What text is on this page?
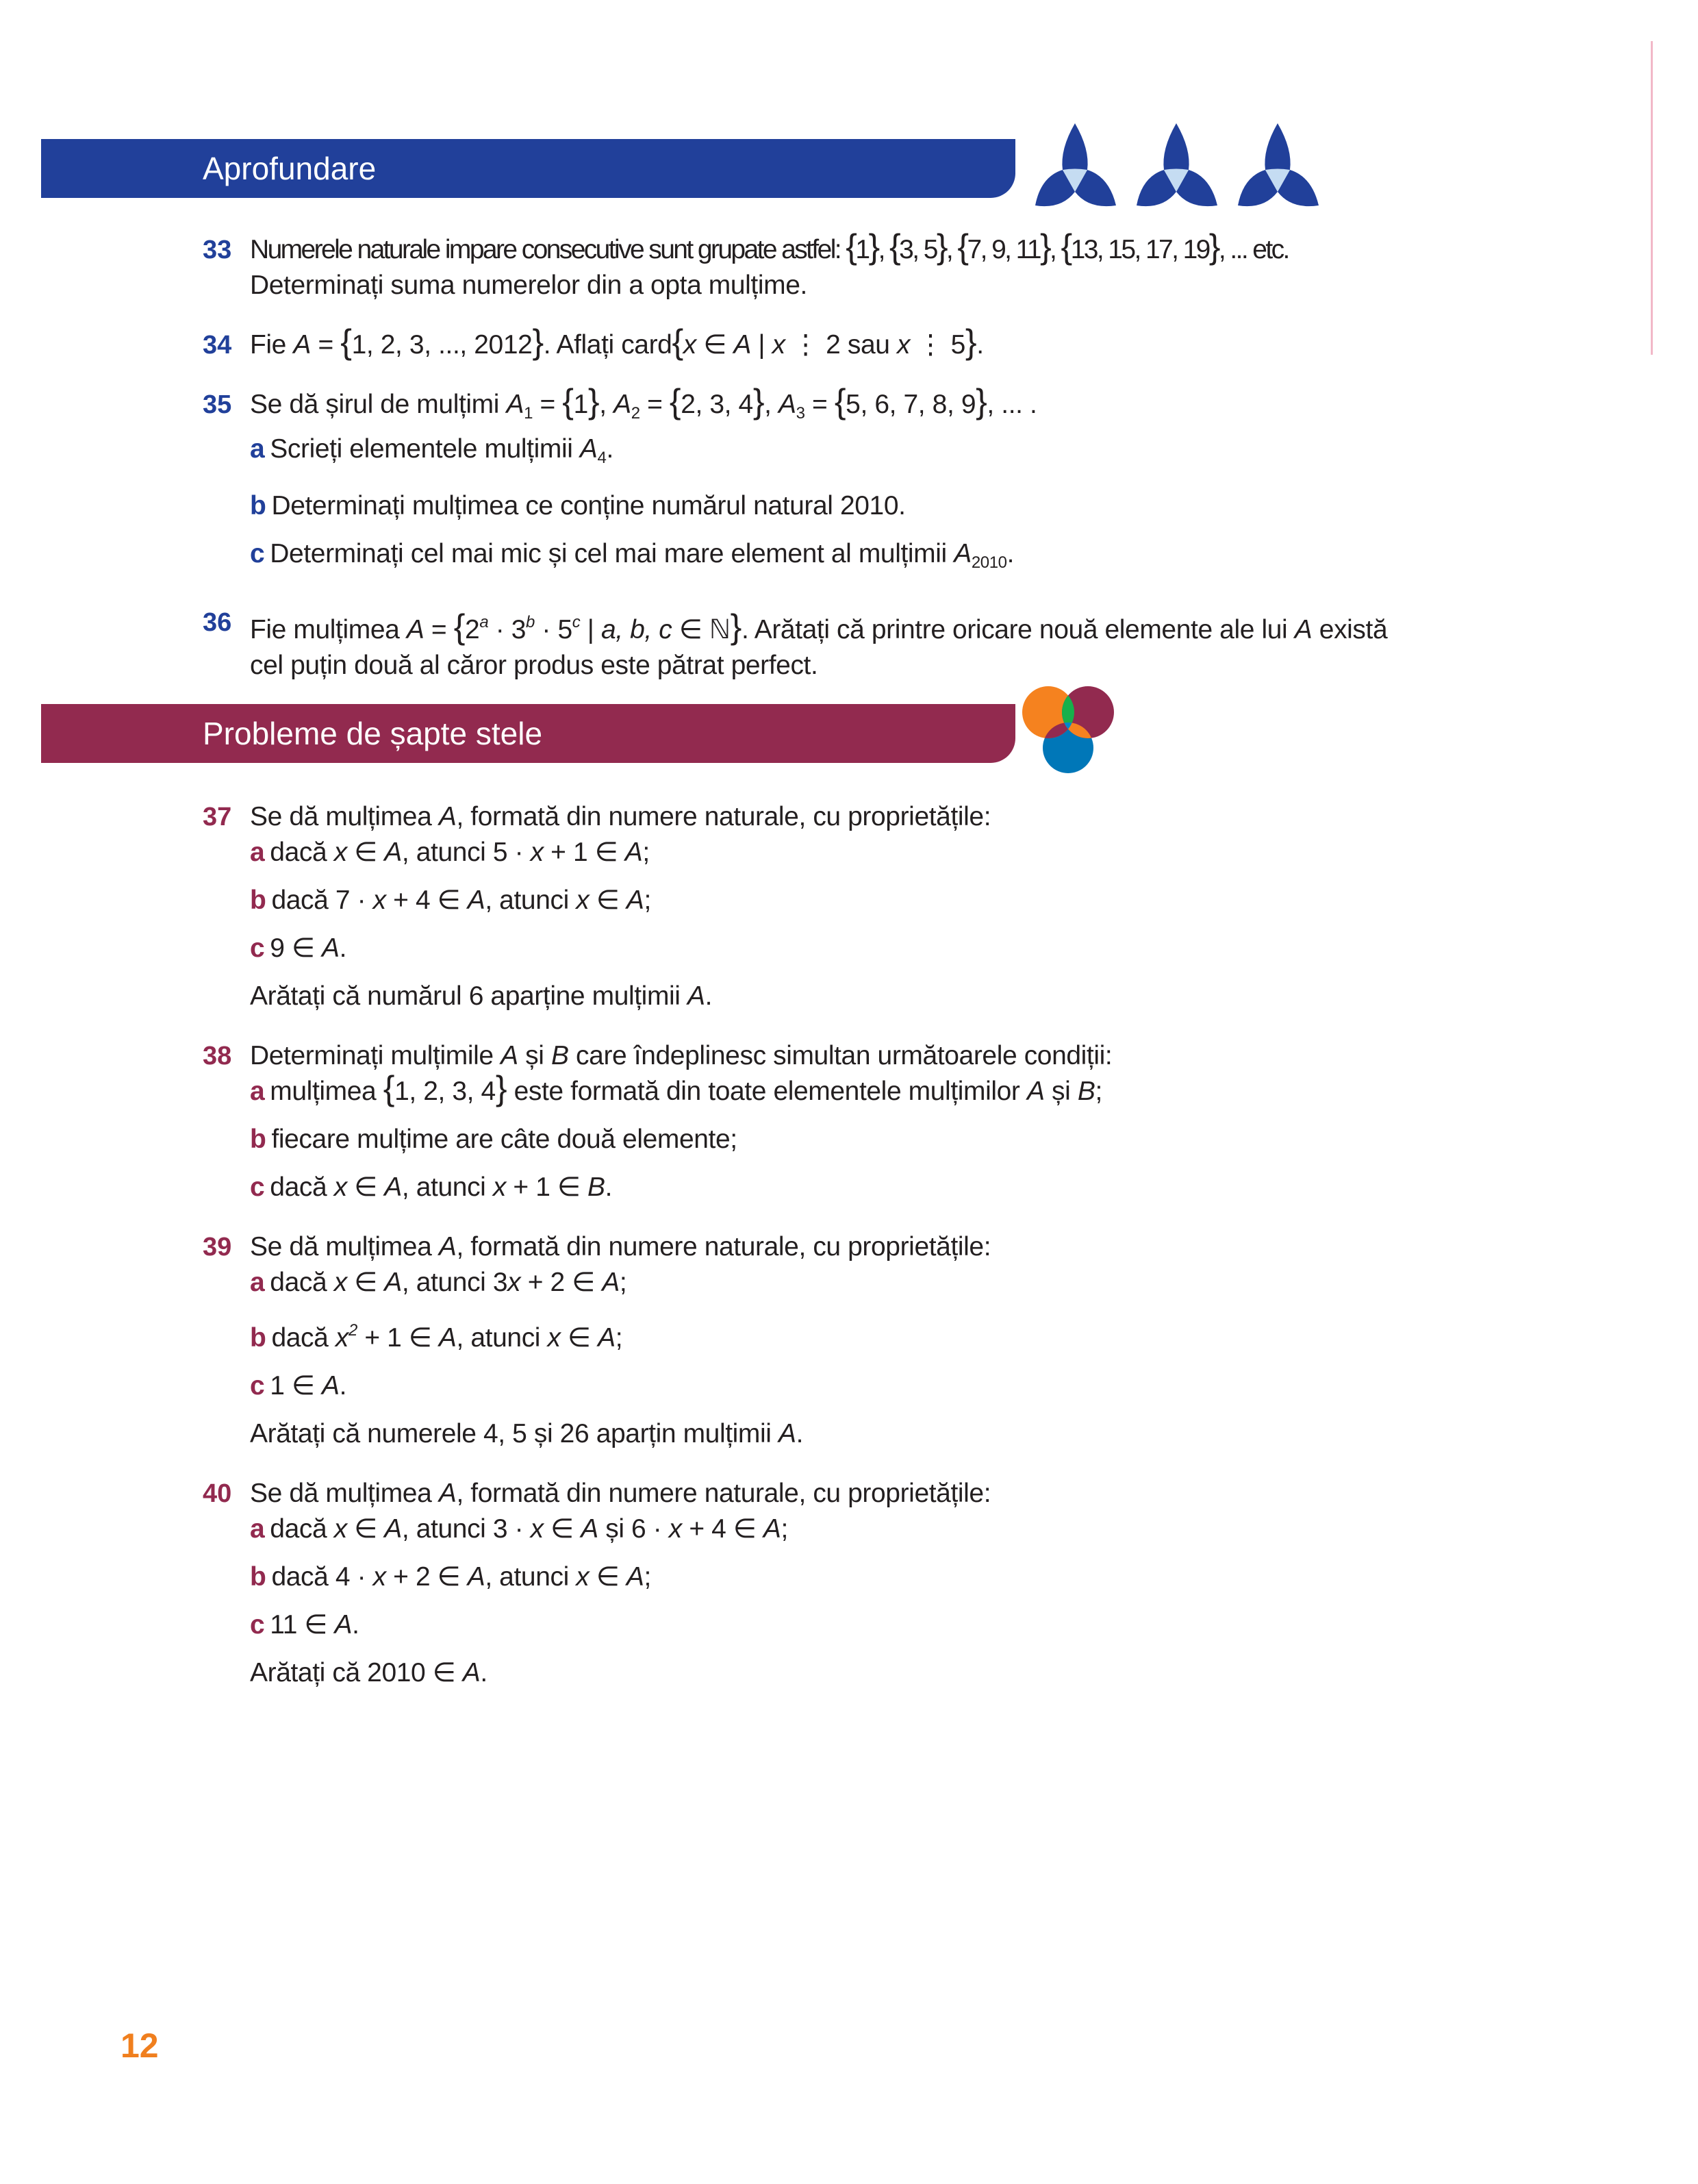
Aprofundare
33 Numerele naturale impare consecutive sunt grupate astfel: {1}, {3, 5}, {7, 9, 11}, {13, 15, 17, 19}, ... etc.
Determinați suma numerelor din a opta mulțime.
34 Fie A = {1, 2, 3, ..., 2012}. Aflați card{x ∈ A | x ⋮ 2 sau x ⋮ 5}.
35 Se dă șirul de mulțimi $A_1 = \{1\}$, $A_2 = \{2$, 3, 4}, $A_3 = \{5$, 6, 7, 8, 9}, ... .
a Scrieți elementele mulțimii $A_4$.
b Determinați mulțimea ce conține numărul natural 2010.
c Determinați cel mai mic și cel mai mare element al mulțimii $A_{2010}$.
36 Fie mulțimea $A = \{2^a \cdot 3^b \cdot 5^c$ | a, b, c ∈ ℕ}. Arătați că printre oricare nouă elemente ale lui A există
cel puțin două al căror produs este pătrat perfect.
Probleme de șapte stele
37 Se dă mulțimea A, formată din numere naturale, cu proprietățile:
a dacă x ∈ A, atunci 5 · x + 1 ∈ A;
b dacă 7 · x + 4 ∈ A, atunci x ∈ A;
c 9 ∈ A.
Arătați că numărul 6 aparține mulțimii A.
38 Determinați mulțimile A și B care îndeplinesc simultan următoarele condiții:
a mulțimea {1, 2, 3, 4} este formată din toate elementele mulțimilor A și B;
b fiecare mulțime are câte două elemente;
c dacă x ∈ A, atunci x + 1 ∈ B.
39 Se dă mulțimea A, formată din numere naturale, cu proprietățile:
a dacă x ∈ A, atunci 3x + 2 ∈ A;
b dacă $x^2 + 1$ ∈ A, atunci x ∈ A;
c 1 ∈ A.
Arătați că numerele 4, 5 și 26 aparțin mulțimii A.
40 Se dă mulțimea A, formată din numere naturale, cu proprietățile:
a dacă x ∈ A, atunci 3 · x ∈ A și 6 · x + 4 ∈ A;
b dacă 4 · x + 2 ∈ A, atunci x ∈ A;
c 11 ∈ A.
Arătați că 2010 ∈ A.
12
